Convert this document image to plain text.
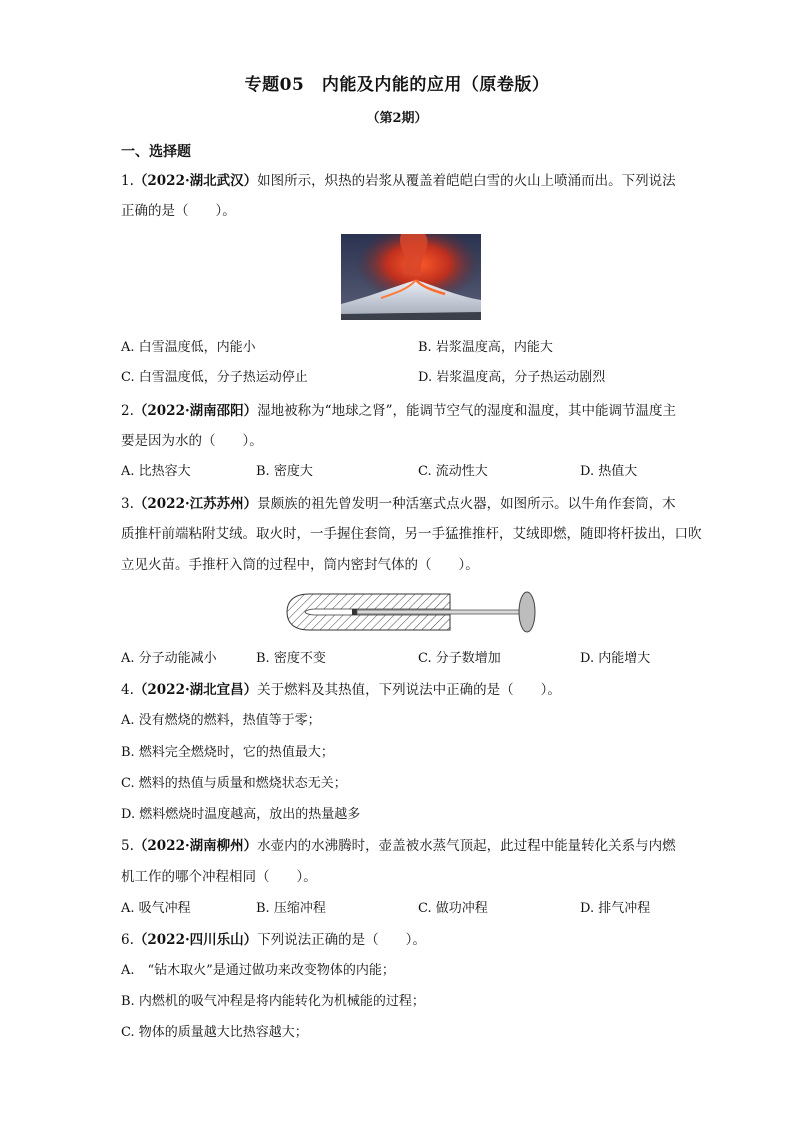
专题05　内能及内能的应用（原卷版）
（第2期）
一、选择题
1.（2022·湖北武汉）如图所示，炽热的岩浆从覆盖着皑皑白雪的火山上喷涌而出。下列说法
正确的是（　　）。
A. 白雪温度低，内能小	B. 岩浆温度高，内能大
C. 白雪温度低，分子热运动停止	D. 岩浆温度高，分子热运动剧烈
2.（2022·湖南邵阳）湿地被称为“地球之肾”，能调节空气的湿度和温度，其中能调节温度主
要是因为水的（　　）。
A. 比热容大	B. 密度大	C. 流动性大	D. 热值大
3.（2022·江苏苏州）景颇族的祖先曾发明一种活塞式点火器，如图所示。以牛角作套筒，木
质推杆前端粘附艾绒。取火时，一手握住套筒，另一手猛推推杆，艾绒即燃，随即将杆拔出，口吹
立见火苗。手推杆入筒的过程中，筒内密封气体的（　　）。
A. 分子动能减小	B. 密度不变	C. 分子数增加	D. 内能增大
4.（2022·湖北宜昌）关于燃料及其热值，下列说法中正确的是（　　）。
A. 没有燃烧的燃料，热值等于零；
B. 燃料完全燃烧时，它的热值最大；
C. 燃料的热值与质量和燃烧状态无关；
D. 燃料燃烧时温度越高，放出的热量越多
5.（2022·湖南柳州）水壶内的水沸腾时，壶盖被水蒸气顶起，此过程中能量转化关系与内燃
机工作的哪个冲程相同（　　）。
A. 吸气冲程	B. 压缩冲程	C. 做功冲程	D. 排气冲程
6.（2022·四川乐山）下列说法正确的是（　　）。
A.　“钻木取火”是通过做功来改变物体的内能；
B. 内燃机的吸气冲程是将内能转化为机械能的过程；
C. 物体的质量越大比热容越大；
